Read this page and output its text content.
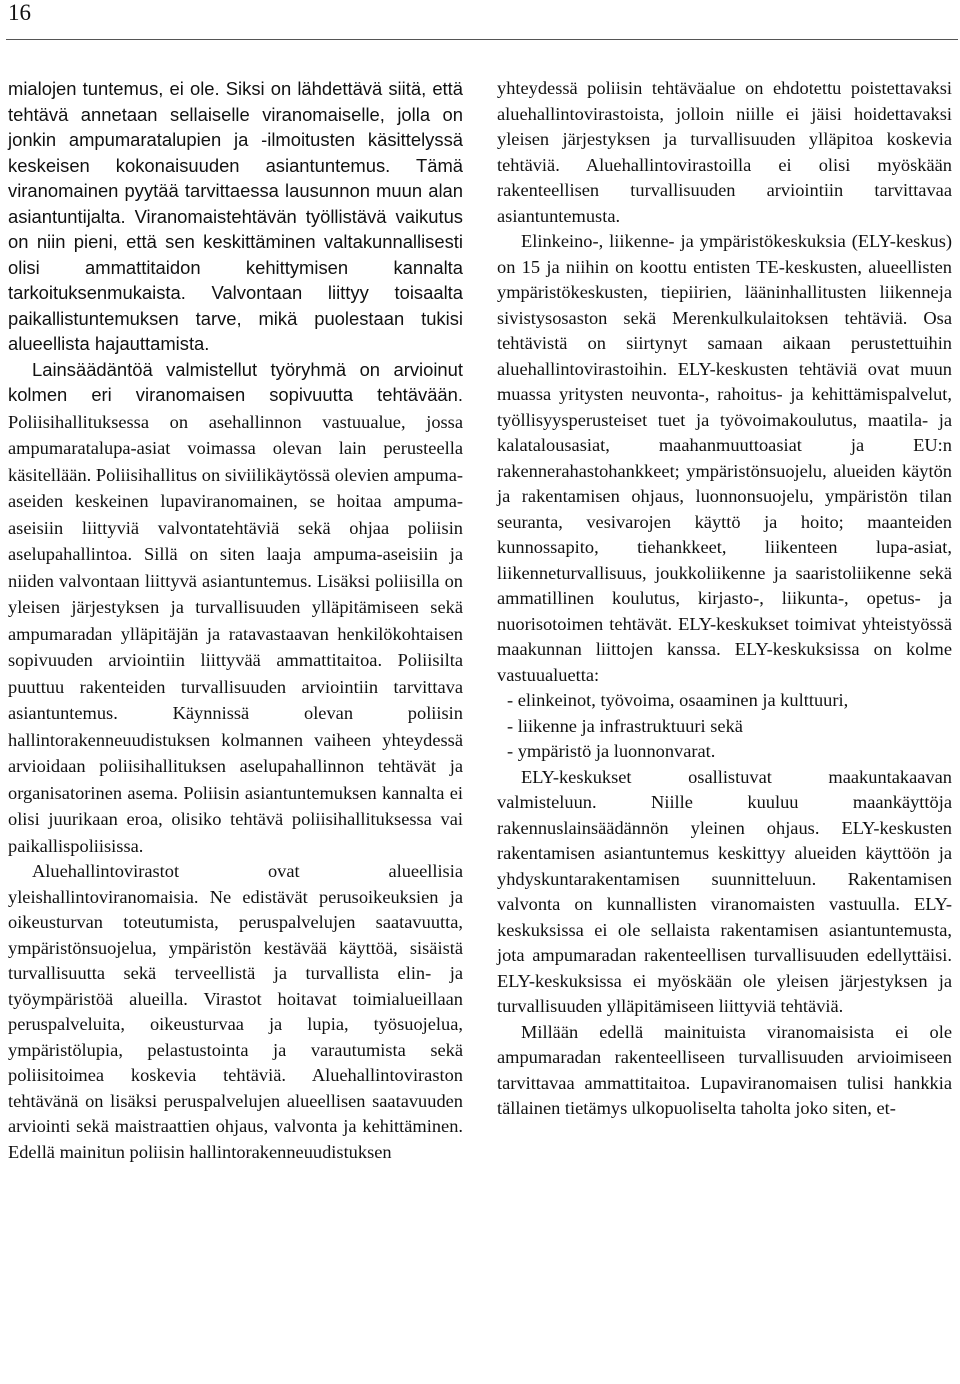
16

mialojen tuntemus, ei ole. Siksi on lähdettävä siitä, että tehtävä annetaan sellaiselle viranomaiselle, jolla on jonkin ampumaratalupien ja -ilmoitusten käsittelyssä keskeisen kokonaisuuden asiantuntemus. Tämä viranomainen pyytää tarvittaessa lausunnon muun alan asiantuntijalta. Viranomaistehtävän työllistävä vaikutus on niin pieni, että sen keskittäminen valtakunnallisesti olisi ammattitaidon kehittymisen kannalta tarkoituksenmukaista. Valvontaan liittyy toisaalta paikallistuntemuksen tarve, mikä puolestaan tukisi alueellista hajauttamista.

Lainsäädäntöä valmistellut työryhmä on arvioinut kolmen eri viranomaisen sopivuutta tehtävään. Poliisihallituksessa on asehallinnon vastuualue, jossa ampumaratalupa-asiat voimassa olevan lain perusteella käsitellään. Poliisihallitus on siviilikäytössä olevien ampuma-aseiden keskeinen lupaviranomainen, se hoitaa ampuma-aseisiin liittyviä valvontatehtäviä sekä ohjaa poliisin aselupahallintoa. Sillä on siten laaja ampuma-aseisiin ja niiden valvontaan liittyvä asiantuntemus. Lisäksi poliisilla on yleisen järjestyksen ja turvallisuuden ylläpitämiseen sekä ampumaradan ylläpitäjän ja ratavastaavan henkilökohtaisen sopivuuden arviointiin liittyvää ammattitaitoa. Poliisilta puuttuu rakenteiden turvallisuuden arviointiin tarvittava asiantuntemus. Käynnissä olevan poliisin hallintorakenneuudistuksen kolmannen vaiheen yhteydessä arvioidaan poliisihallituksen aselupahallinnon tehtävät ja organisatorinen asema. Poliisin asiantuntemuksen kannalta ei olisi juurikaan eroa, olisiko tehtävä poliisihallituksessa vai paikallispoliisissa.

Aluehallintovirastot ovat alueellisia yleishallintoviranomaisia. Ne edistävät perusoikeuksien ja oikeusturvan toteutumista, peruspalvelujen saatavuutta, ympäristönsuojelua, ympäristön kestävää käyttöä, sisäistä turvallisuutta sekä terveellistä ja turvallista elin- ja työympäristöä alueilla. Virastot hoitavat toimialueillaan peruspalveluita, oikeusturvaa ja lupia, työsuojelua, ympäristölupia, pelastustointa ja varautumista sekä poliisitoimea koskevia tehtäviä. Aluehallintoviraston tehtävänä on lisäksi peruspalvelujen alueellisen saatavuuden arviointi sekä maistraattien ohjaus, valvonta ja kehittäminen. Edellä mainitun poliisin hallintorakenneuudistuksen

yhteydessä poliisin tehtäväalue on ehdotettu poistettavaksi aluehallintovirastoista, jolloin niille ei jäisi hoidettavaksi yleisen järjestyksen ja turvallisuuden ylläpitoa koskevia tehtäviä. Aluehallintovirastoilla ei olisi myöskään rakenteellisen turvallisuuden arviointiin tarvittavaa asiantuntemusta.

Elinkeino-, liikenne- ja ympäristökeskuksia (ELY-keskus) on 15 ja niihin on koottu entisten TE-keskusten, alueellisten ympäristökeskusten, tiepiirien, lääninhallitusten liikenneja sivistysosaston sekä Merenkulkulaitoksen tehtäviä. Osa tehtävistä on siirtynyt samaan aikaan perustettuihin aluehallintovirastoihin. ELY-keskusten tehtäviä ovat muun muassa yritysten neuvonta-, rahoitus- ja kehittämispalvelut, työllisyysperusteiset tuet ja työvoimakoulutus, maatila- ja kalatalousasiat, maahanmuuttoasiat ja EU:n rakennerahastohankkeet; ympäristönsuojelu, alueiden käytön ja rakentamisen ohjaus, luonnonsuojelu, ympäristön tilan seuranta, vesivarojen käyttö ja hoito; maanteiden kunnossapito, tiehankkeet, liikenteen lupa-asiat, liikenneturvallisuus, joukkoliikenne ja saaristoliikenne sekä ammatillinen koulutus, kirjasto-, liikunta-, opetus- ja nuorisotoimen tehtävät. ELY-keskukset toimivat yhteistyössä maakunnan liittojen kanssa. ELY-keskuksissa on kolme vastuualuetta:

- elinkeinot, työvoima, osaaminen ja kulttuuri,

- liikenne ja infrastruktuuri sekä

- ympäristö ja luonnonvarat.

ELY-keskukset osallistuvat maakuntakaavan valmisteluun. Niille kuuluu maankäyttöja rakennuslainsäädännön yleinen ohjaus. ELY-keskusten rakentamisen asiantuntemus keskittyy alueiden käyttöön ja yhdyskuntarakentamisen suunnitteluun. Rakentamisen valvonta on kunnallisten viranomaisten vastuulla. ELY-keskuksissa ei ole sellaista rakentamisen asiantuntemusta, jota ampumaradan rakenteellisen turvallisuuden edellyttäisi. ELY-keskuksissa ei myöskään ole yleisen järjestyksen ja turvallisuuden ylläpitämiseen liittyviä tehtäviä.

Millään edellä mainituista viranomaisista ei ole ampumaradan rakenteelliseen turvallisuuden arvioimiseen tarvittavaa ammattitaitoa. Lupaviranomaisen tulisi hankkia tällainen tietämys ulkopuoliselta taholta joko siten, et-
